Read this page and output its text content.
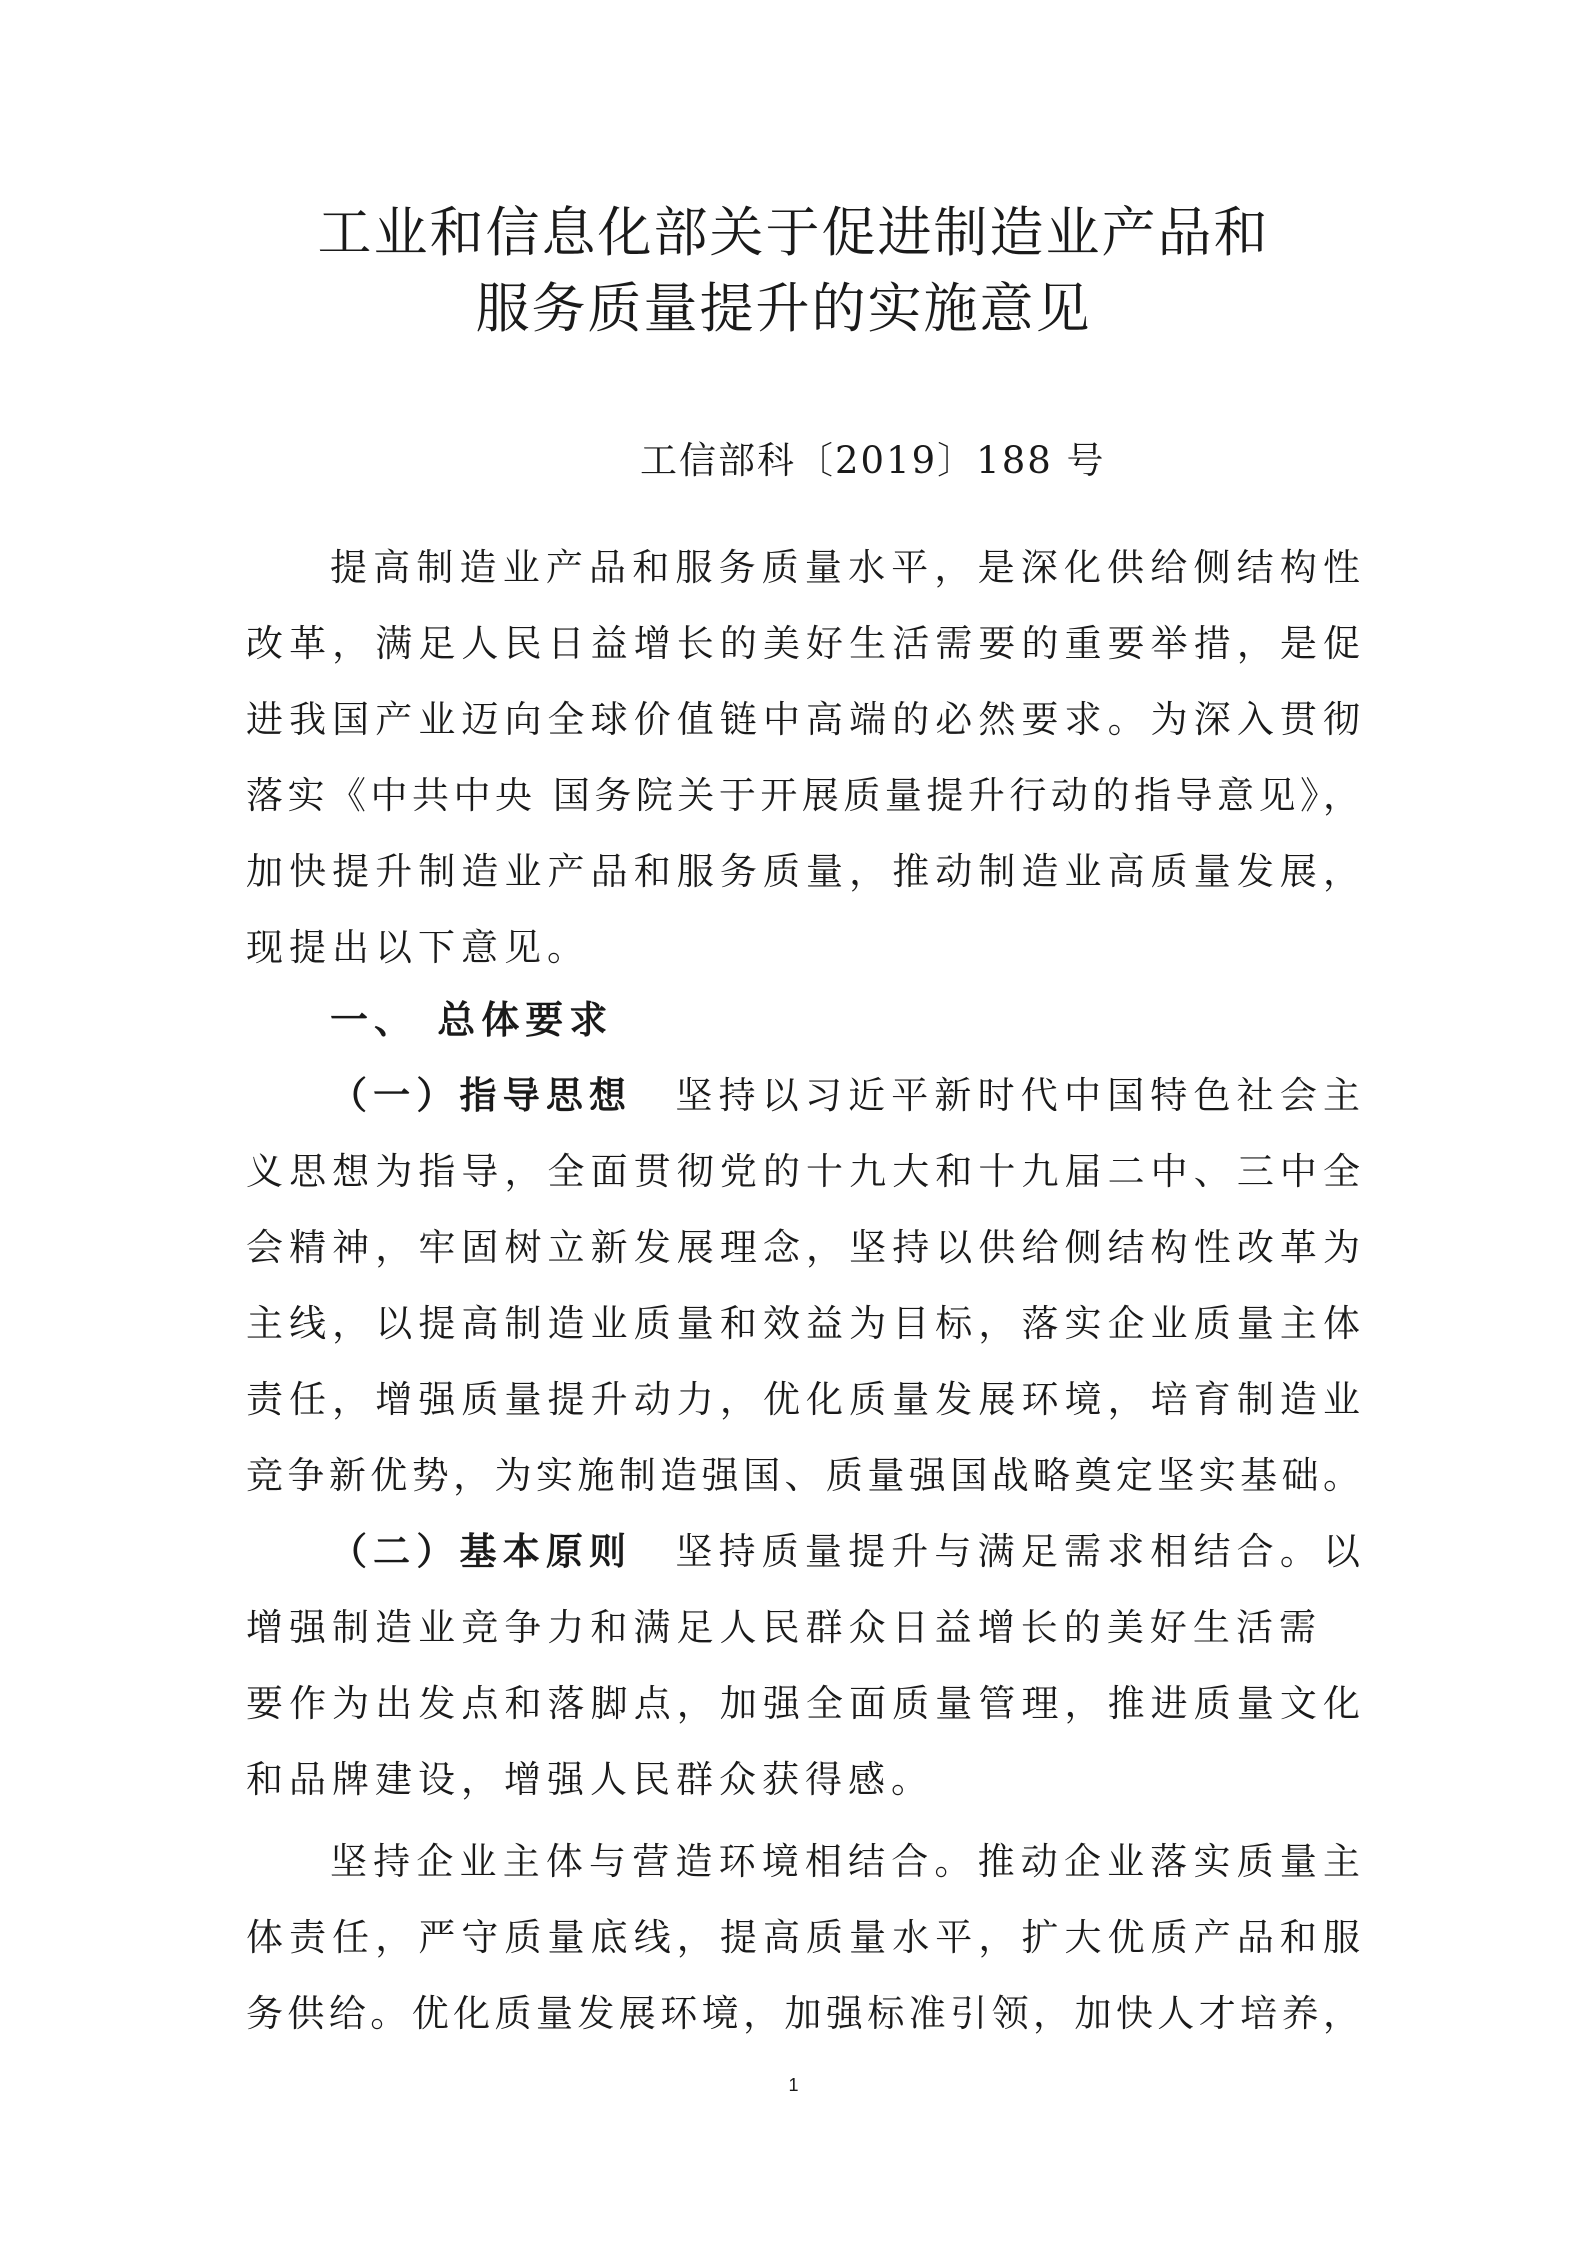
工业和信息化部关于促进制造业产品和
服务质量提升的实施意见
工信部科〔2019〕188 号
提高制造业产品和服务质量水平，是深化供给侧结构性
改革，满足人民日益增长的美好生活需要的重要举措，是促
进我国产业迈向全球价值链中高端的必然要求。为深入贯彻
落实《中共中央 国务院关于开展质量提升行动的指导意见》，
加快提升制造业产品和服务质量，推动制造业高质量发展，
现提出以下意见。
一、 总体要求
（一）指导思想　坚持以习近平新时代中国特色社会主
义思想为指导，全面贯彻党的十九大和十九届二中、三中全
会精神，牢固树立新发展理念，坚持以供给侧结构性改革为
主线，以提高制造业质量和效益为目标，落实企业质量主体
责任，增强质量提升动力，优化质量发展环境，培育制造业
竞争新优势，为实施制造强国、质量强国战略奠定坚实基础。
（二）基本原则　坚持质量提升与满足需求相结合。以
增强制造业竞争力和满足人民群众日益增长的美好生活需
要作为出发点和落脚点，加强全面质量管理，推进质量文化
和品牌建设，增强人民群众获得感。
坚持企业主体与营造环境相结合。推动企业落实质量主
体责任，严守质量底线，提高质量水平，扩大优质产品和服
务供给。优化质量发展环境，加强标准引领，加快人才培养，
1
